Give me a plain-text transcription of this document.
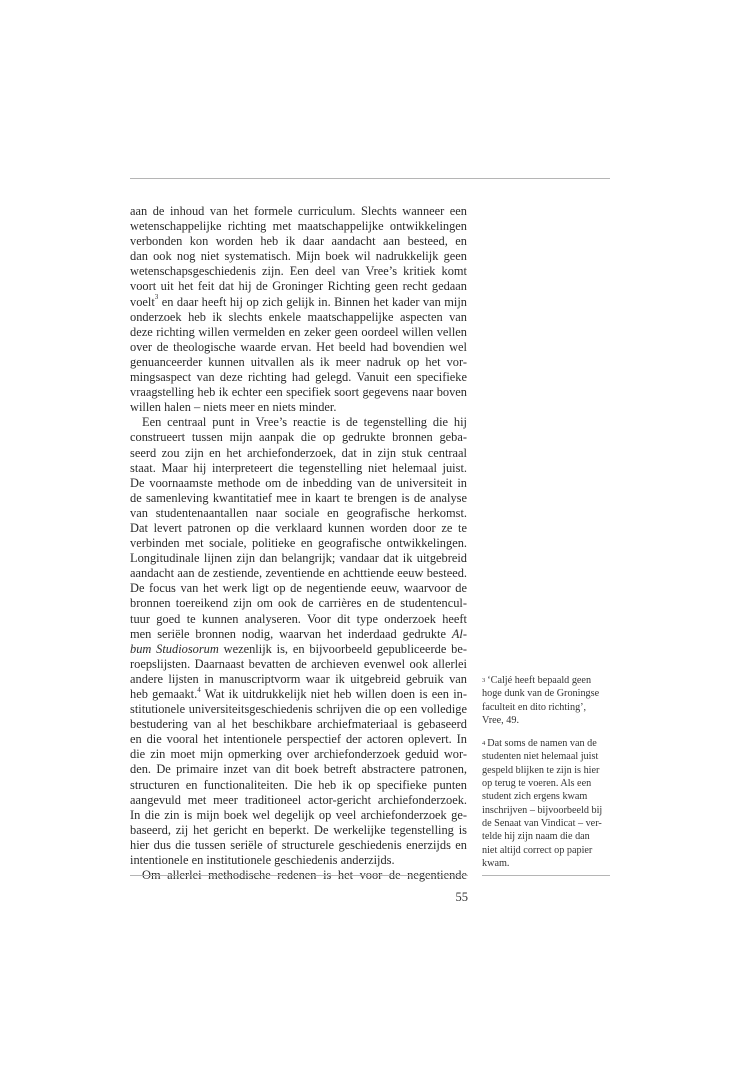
aan de inhoud van het formele curriculum. Slechts wanneer een
wetenschappelijke richting met maatschappelijke ontwikkelingen
verbonden kon worden heb ik daar aandacht aan besteed, en
dan ook nog niet systematisch. Mijn boek wil nadrukkelijk geen
wetenschapsgeschiedenis zijn. Een deel van Vree’s kritiek komt
voort uit het feit dat hij de Groninger Richting geen recht gedaan
voelt$^3$ en daar heeft hij op zich gelijk in. Binnen het kader van mijn
onderzoek heb ik slechts enkele maatschappelijke aspecten van
deze richting willen vermelden en zeker geen oordeel willen vellen
over de theologische waarde ervan. Het beeld had bovendien wel
genuanceerder kunnen uitvallen als ik meer nadruk op het vor-
mingsaspect van deze richting had gelegd. Vanuit een specifieke
vraagstelling heb ik echter een specifiek soort gegevens naar boven
willen halen – niets meer en niets minder.
Een centraal punt in Vree’s reactie is de tegenstelling die hij
construeert tussen mijn aanpak die op gedrukte bronnen geba-
seerd zou zijn en het archiefonderzoek, dat in zijn stuk centraal
staat. Maar hij interpreteert die tegenstelling niet helemaal juist.
De voornaamste methode om de inbedding van de universiteit in
de samenleving kwantitatief mee in kaart te brengen is de analyse
van studentenaantallen naar sociale en geografische herkomst.
Dat levert patronen op die verklaard kunnen worden door ze te
verbinden met sociale, politieke en geografische ontwikkelingen.
Longitudinale lijnen zijn dan belangrijk; vandaar dat ik uitgebreid
aandacht aan de zestiende, zeventiende en achttiende eeuw besteed.
De focus van het werk ligt op de negentiende eeuw, waarvoor de
bronnen toereikend zijn om ook de carrières en de studentencul-
tuur goed te kunnen analyseren. Voor dit type onderzoek heeft
men seriële bronnen nodig, waarvan het inderdaad gedrukte Al-
bum Studiosorum wezenlijk is, en bijvoorbeeld gepubliceerde be-
roepslijsten. Daarnaast bevatten de archieven evenwel ook allerlei
andere lijsten in manuscriptvorm waar ik uitgebreid gebruik van
heb gemaakt.$^4$ Wat ik uitdrukkelijk niet heb willen doen is een in-
stitutionele universiteitsgeschiedenis schrijven die op een volledige
bestudering van al het beschikbare archiefmateriaal is gebaseerd
en die vooral het intentionele perspectief der actoren oplevert. In
die zin moet mijn opmerking over archiefonderzoek geduid wor-
den. De primaire inzet van dit boek betreft abstractere patronen,
structuren en functionaliteiten. Die heb ik op specifieke punten
aangevuld met meer traditioneel actor-gericht archiefonderzoek.
In die zin is mijn boek wel degelijk op veel archiefonderzoek ge-
baseerd, zij het gericht en beperkt. De werkelijke tegenstelling is
hier dus die tussen seriële of structurele geschiedenis enerzijds en
intentionele en institutionele geschiedenis anderzijds.
Om allerlei methodische redenen is het voor de negentiende
$^3$ ‘Caljé heeft bepaald geen
hoge dunk van de Groningse
faculteit en dito richting’,
Vree, 49.
$^4$ Dat soms de namen van de
studenten niet helemaal juist
gespeld blijken te zijn is hier
op terug te voeren. Als een
student zich ergens kwam
inschrijven – bijvoorbeeld bij
de Senaat van Vindicat – ver-
telde hij zijn naam die dan
niet altijd correct op papier
kwam.
55
